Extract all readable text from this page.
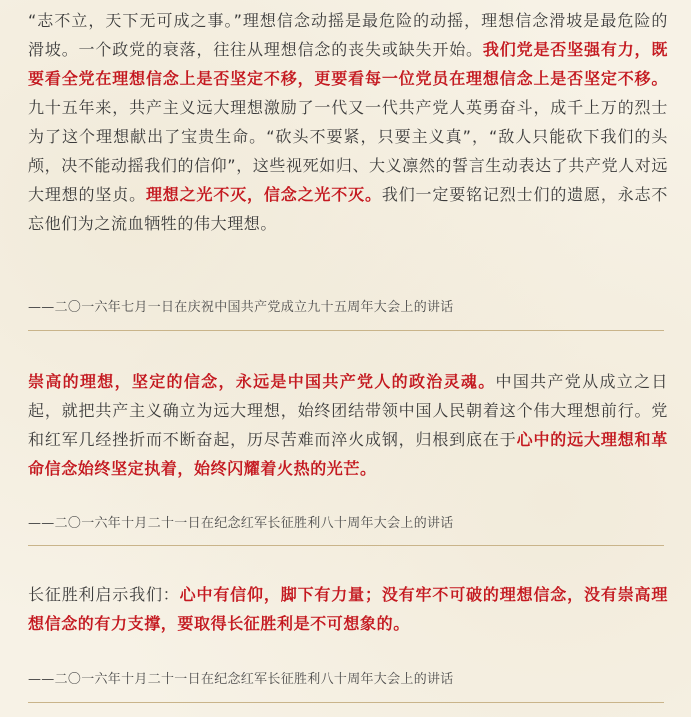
“志不立，天下无可成之事。”理想信念动摇是最危险的动摇，理想信念滑坡是最危险的滑坡。一个政党的衰落，往往从理想信念的丧失或缺失开始。我们党是否坚强有力，既要看全党在理想信念上是否坚定不移，更要看每一位党员在理想信念上是否坚定不移。九十五年来，共产主义远大理想激励了一代又一代共产党人英勇奋斗，成千上万的烈士为了这个理想献出了宝贵生命。“砍头不要紧，只要主义真”，“敌人只能砍下我们的头颅，决不能动摇我们的信仰”，这些视死如归、大义凛然的誓言生动表达了共产党人对远大理想的坚贞。理想之光不灭，信念之光不灭。我们一定要铭记烈士们的遗愿，永志不忘他们为之流血牺牲的伟大理想。

——二〇一六年七月一日在庆祝中国共产党成立九十五周年大会上的讲话

崇高的理想，坚定的信念，永远是中国共产党人的政治灵魂。中国共产党从成立之日起，就把共产主义确立为远大理想，始终团结带领中国人民朝着这个伟大理想前行。党和红军几经挫折而不断奋起，历尽苦难而淬火成钢，归根到底在于心中的远大理想和革命信念始终坚定执着，始终闪耀着火热的光芒。

——二〇一六年十月二十一日在纪念红军长征胜利八十周年大会上的讲话

长征胜利启示我们：心中有信仰，脚下有力量；没有牢不可破的理想信念，没有崇高理想信念的有力支撑，要取得长征胜利是不可想象的。

——二〇一六年十月二十一日在纪念红军长征胜利八十周年大会上的讲话
